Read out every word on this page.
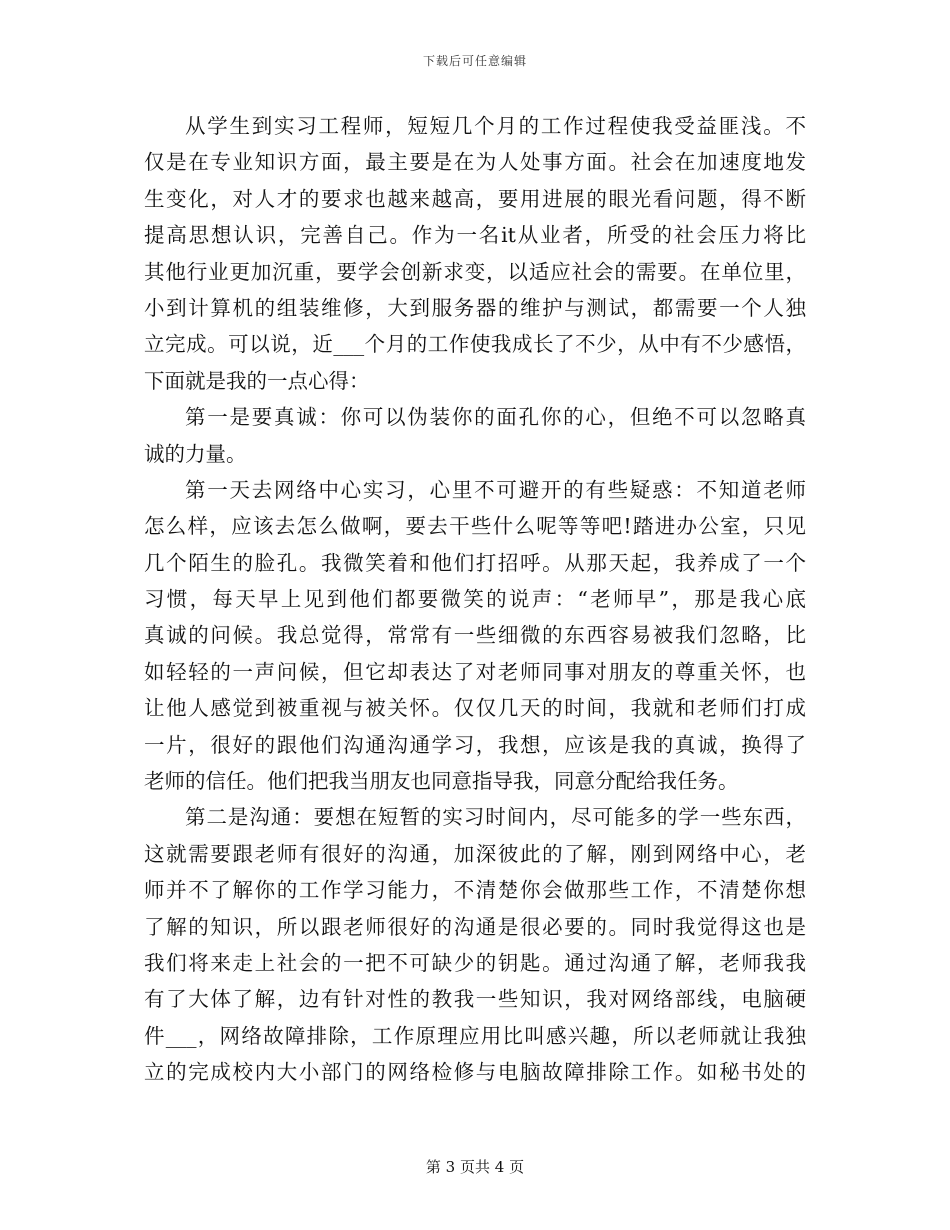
下载后可任意编辑
从学生到实习工程师，短短几个月的工作过程使我受益匪浅。不
仅是在专业知识方面，最主要是在为人处事方面。社会在加速度地发
生变化，对人才的要求也越来越高，要用进展的眼光看问题，得不断
提高思想认识，完善自己。作为一名it从业者，所受的社会压力将比
其他行业更加沉重，要学会创新求变，以适应社会的需要。在单位里，
小到计算机的组装维修，大到服务器的维护与测试，都需要一个人独
立完成。可以说，近___个月的工作使我成长了不少，从中有不少感悟，
下面就是我的一点心得：
第一是要真诚：你可以伪装你的面孔你的心，但绝不可以忽略真
诚的力量。
第一天去网络中心实习，心里不可避开的有些疑惑：不知道老师
怎么样，应该去怎么做啊，要去干些什么呢等等吧!踏进办公室，只见
几个陌生的脸孔。我微笑着和他们打招呼。从那天起，我养成了一个
习惯，每天早上见到他们都要微笑的说声：“老师早”，那是我心底
真诚的问候。我总觉得，常常有一些细微的东西容易被我们忽略，比
如轻轻的一声问候，但它却表达了对老师同事对朋友的尊重关怀，也
让他人感觉到被重视与被关怀。仅仅几天的时间，我就和老师们打成
一片，很好的跟他们沟通沟通学习，我想，应该是我的真诚，换得了
老师的信任。他们把我当朋友也同意指导我，同意分配给我任务。
第二是沟通：要想在短暂的实习时间内，尽可能多的学一些东西，
这就需要跟老师有很好的沟通，加深彼此的了解，刚到网络中心，老
师并不了解你的工作学习能力，不清楚你会做那些工作，不清楚你想
了解的知识，所以跟老师很好的沟通是很必要的。同时我觉得这也是
我们将来走上社会的一把不可缺少的钥匙。通过沟通了解，老师我我
有了大体了解，边有针对性的教我一些知识，我对网络部线，电脑硬
件___，网络故障排除，工作原理应用比叫感兴趣，所以老师就让我独
立的完成校内大小部门的网络检修与电脑故障排除工作。如秘书处的
第 3 页共 4 页
